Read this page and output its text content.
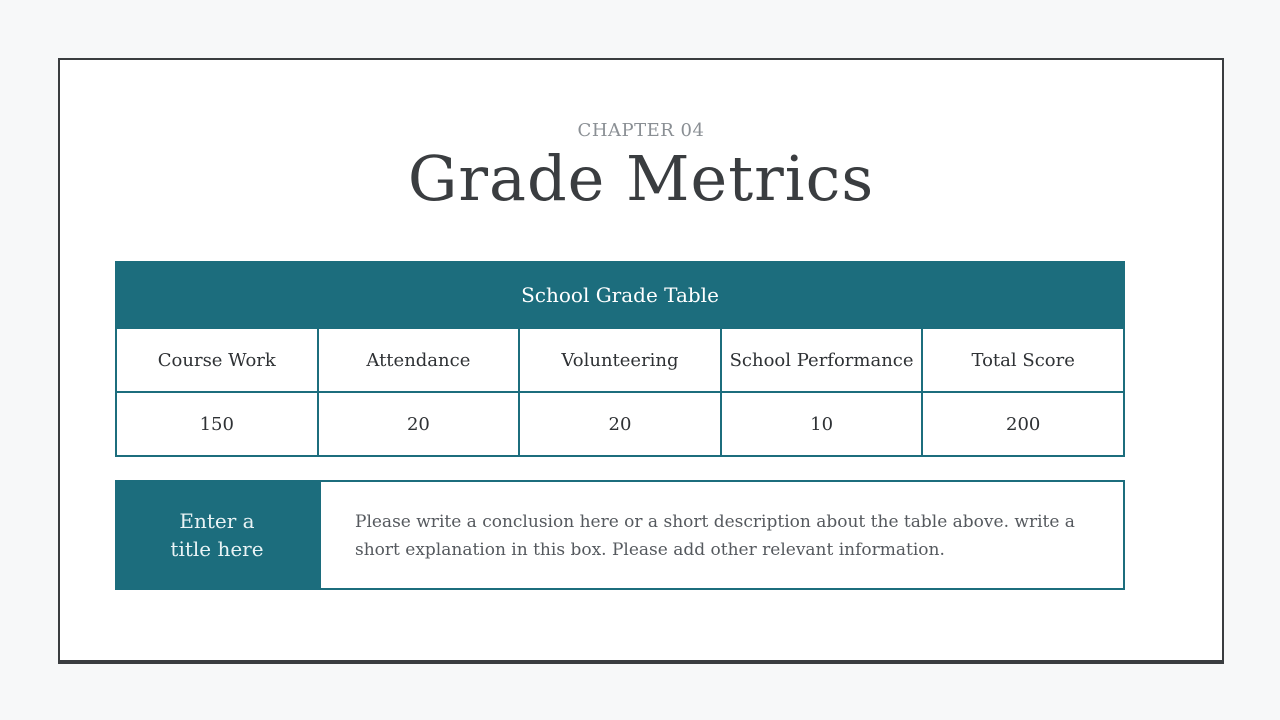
CHAPTER 04
Grade Metrics
School Grade Table				
Course Work	Attendance	Volunteering	School Performance	Total Score
150	20	20	10	200
Enter a title here
Please write a conclusion here or a short description about the table above. write a short explanation in this box. Please add other relevant information.
